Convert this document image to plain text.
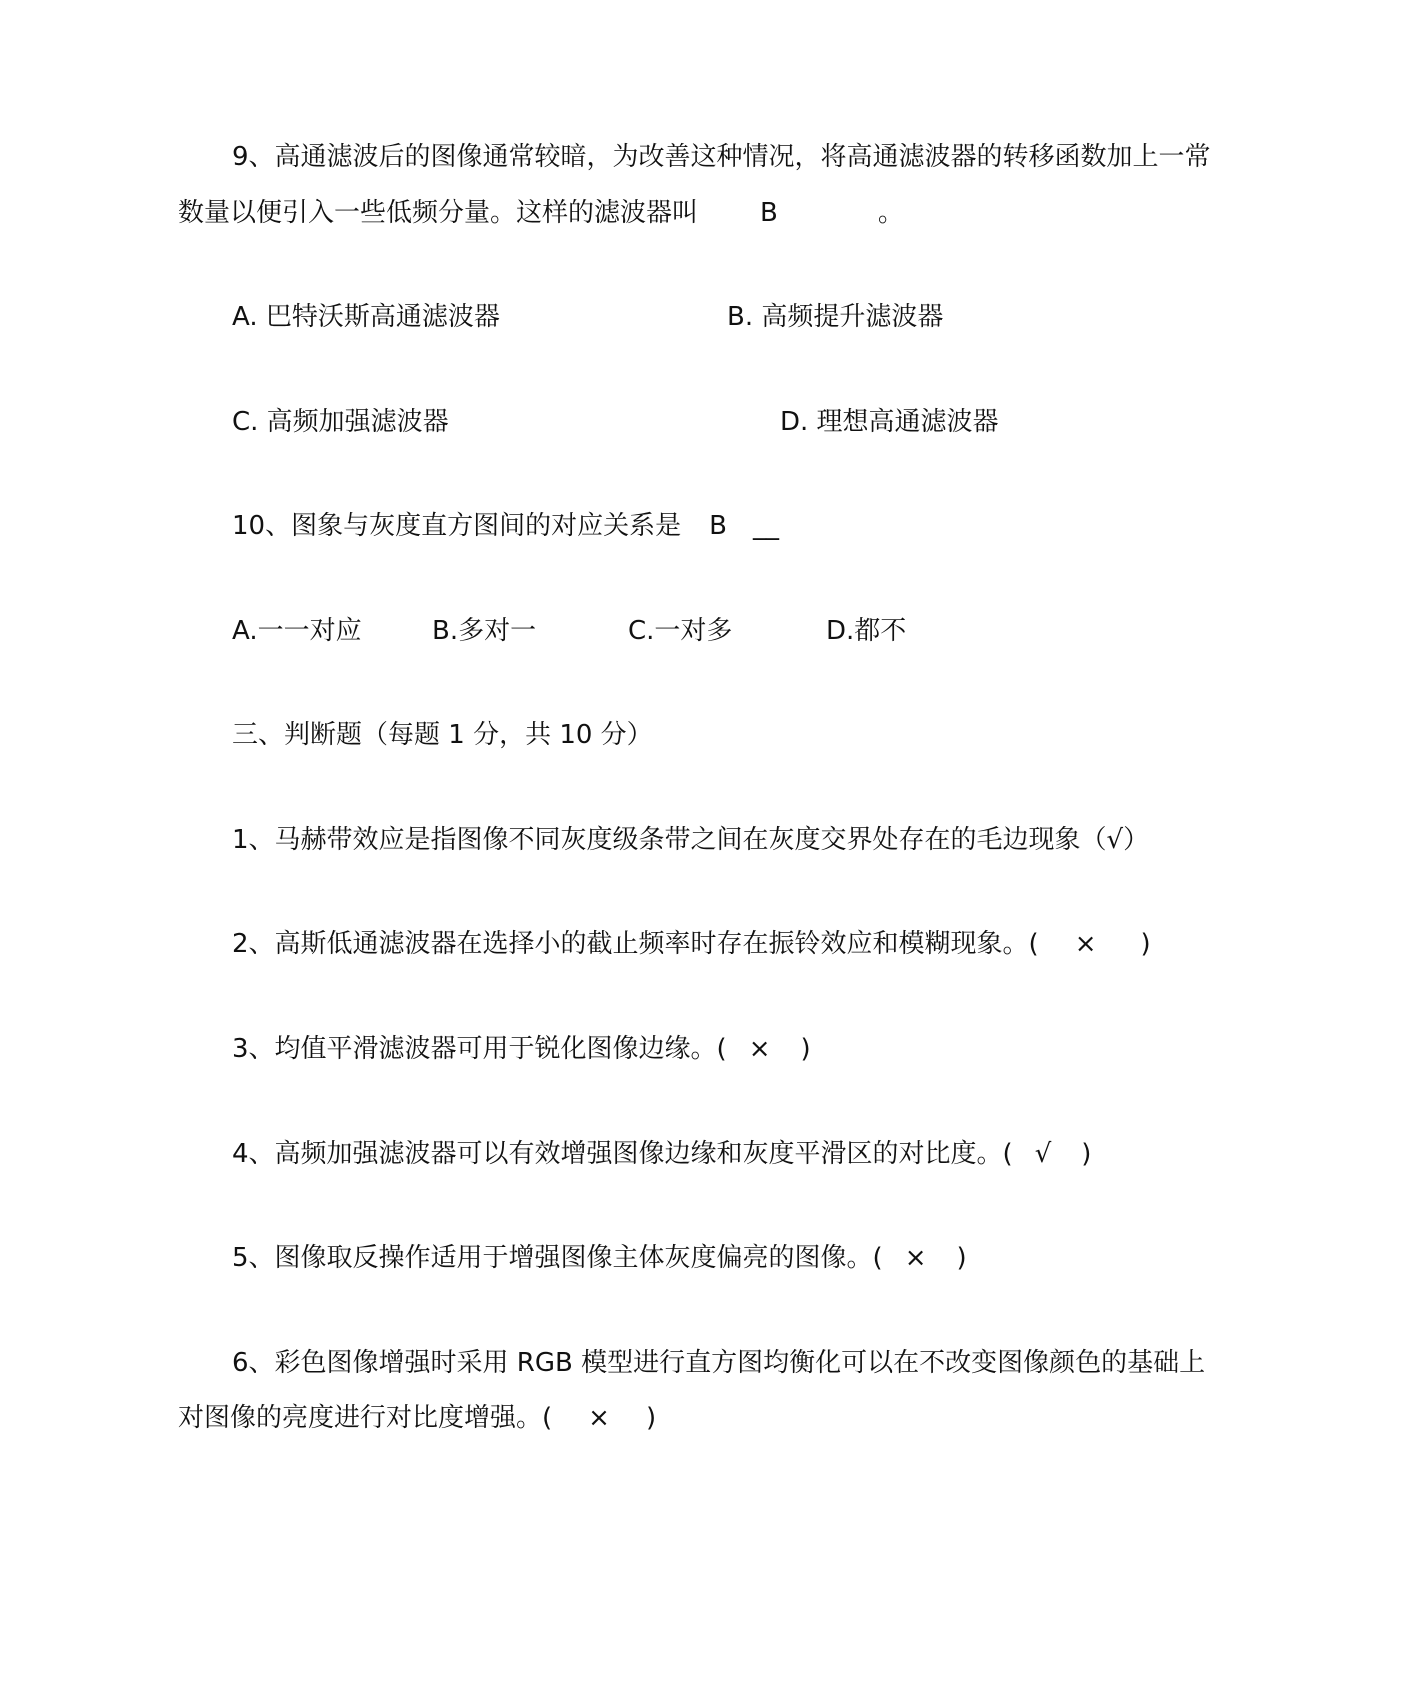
9、高通滤波后的图像通常较暗，为改善这种情况，将高通滤波器的转移函数加上一常
数量以便引入一些低频分量。这样的滤波器叫 B	。
A. 巴特沃斯高通滤波器	B. 高频提升滤波器
C. 高频加强滤波器	D. 理想高通滤波器
10、图象与灰度直方图间的对应关系是 B __
A.一一对应	B.多对一	C.一对多	D.都不
三、判断题（每题 1 分，共 10 分）
1、马赫带效应是指图像不同灰度级条带之间在灰度交界处存在的毛边现象（√）
2、高斯低通滤波器在选择小的截止频率时存在振铃效应和模糊现象。( × )
3、均值平滑滤波器可用于锐化图像边缘。( × )
4、高频加强滤波器可以有效增强图像边缘和灰度平滑区的对比度。( √ )
5、图像取反操作适用于增强图像主体灰度偏亮的图像。( × )
6、彩色图像增强时采用 RGB 模型进行直方图均衡化可以在不改变图像颜色的基础上
对图像的亮度进行对比度增强。( × )
